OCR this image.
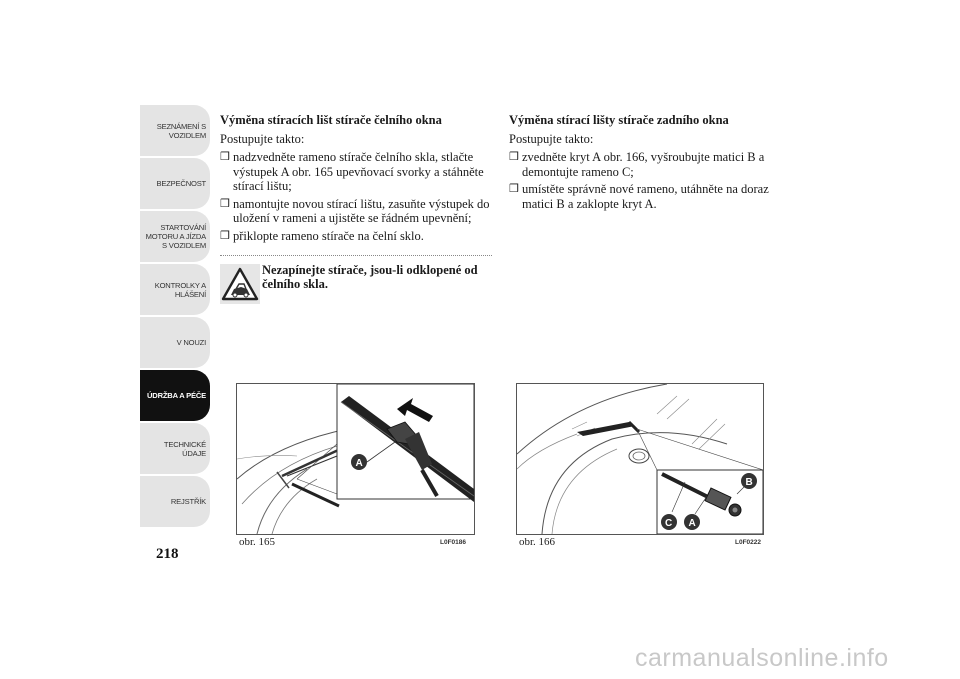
SEZNÁMENÍ S
VOZIDLEM
BEZPEČNOST
STARTOVÁNÍ
MOTORU A JÍZDA
S VOZIDLEM
KONTROLKY A
HLÁŠENÍ
V NOUZI
ÚDRŽBA A PÉČE
TECHNICKÉ
ÚDAJE
REJSTŘÍK
218
Výměna stíracích lišt stírače čelního okna
Postupujte takto:
❒ nadzvedněte rameno stírače čelního skla, stlačte výstupek A obr. 165 upevňovací svorky a stáhněte stírací lištu;
❒ namontujte novou stírací lištu, zasuňte výstupek do uložení v rameni a ujistěte se řádném upevnění;
❒ přiklopte rameno stírače na čelní sklo.
Nezapínejte stírače, jsou-li odklopené od čelního skla.
Výměna stírací lišty stírače zadního okna
Postupujte takto:
❒ zvedněte kryt A obr. 166, vyšroubujte matici B a demontujte rameno C;
❒ umístěte správně nové rameno, utáhněte na doraz matici B a zaklopte kryt A.
A
obr. 165	L0F0186
C A
B
obr. 166	L0F0222
carmanualsonline.info
